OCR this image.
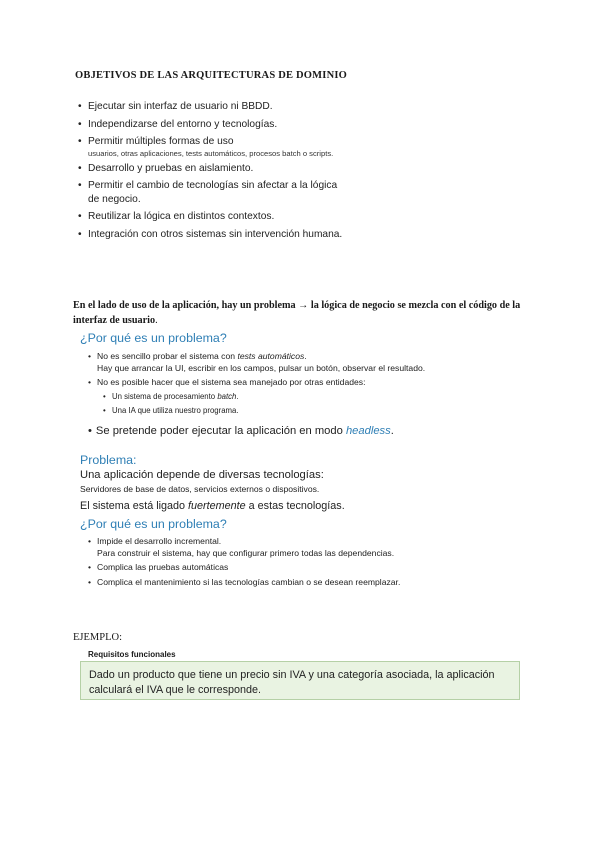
OBJETIVOS DE LAS ARQUITECTURAS DE DOMINIO
• Ejecutar sin interfaz de usuario ni BBDD.
• Independizarse del entorno y tecnologías.
• Permitir múltiples formas de uso
usuarios, otras aplicaciones, tests automáticos, procesos batch o scripts.
• Desarrollo y pruebas en aislamiento.
• Permitir el cambio de tecnologías sin afectar a la lógica de negocio.
• Reutilizar la lógica en distintos contextos.
• Integración con otros sistemas sin intervención humana.
En el lado de uso de la aplicación, hay un problema → la lógica de negocio se mezcla con el código de la interfaz de usuario.
¿Por qué es un problema?
• No es sencillo probar el sistema con tests automáticos.
Hay que arrancar la UI, escribir en los campos, pulsar un botón, observar el resultado.
• No es posible hacer que el sistema sea manejado por otras entidades:
• Un sistema de procesamiento batch.
• Una IA que utiliza nuestro programa.
• Se pretende poder ejecutar la aplicación en modo headless.
Problema:
Una aplicación depende de diversas tecnologías:
Servidores de base de datos, servicios externos o dispositivos.
El sistema está ligado fuertemente a estas tecnologías.
¿Por qué es un problema?
• Impide el desarrollo incremental.
Para construir el sistema, hay que configurar primero todas las dependencias.
• Complica las pruebas automáticas
• Complica el mantenimiento si las tecnologías cambian o se desean reemplazar.
EJEMPLO:
Requisitos funcionales
Dado un producto que tiene un precio sin IVA y una categoría asociada, la aplicación calculará el IVA que le corresponde.
